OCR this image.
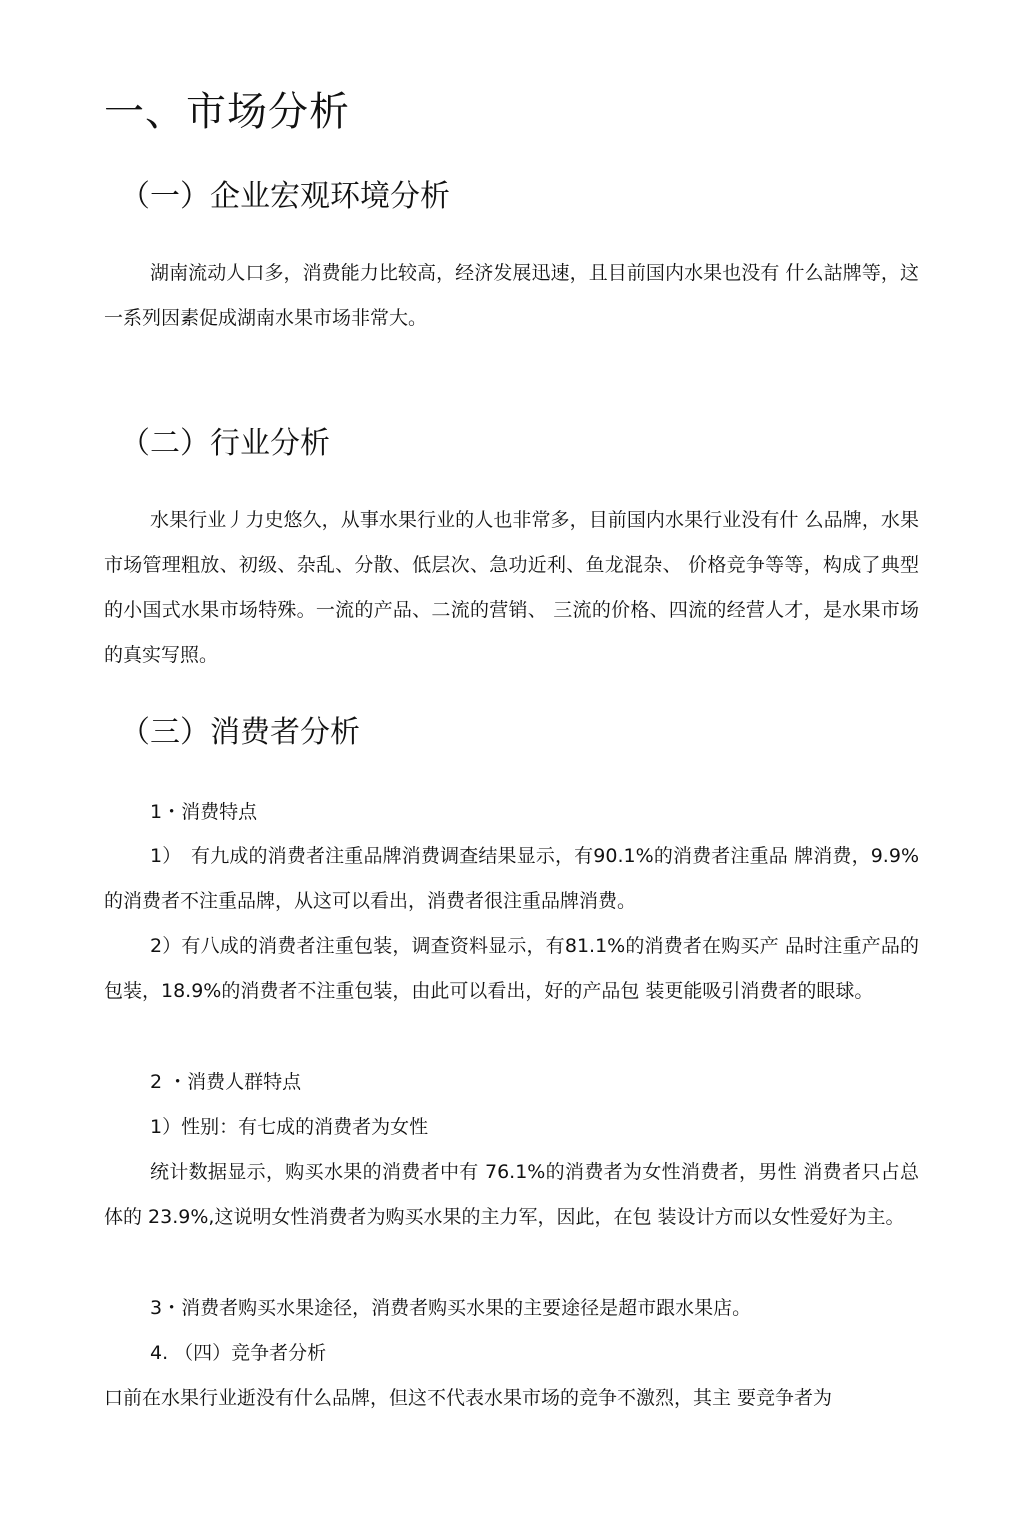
一、市场分析
（一）企业宏观环境分析

湖南流动人口多，消费能力比较高，经济发展迅速，且目前国内水果也没有 什么詁牌等，这一系列因素促成湖南水果市场非常大。

（二）行业分析

水果行业丿力史悠久，从事水果行业的人也非常多，目前国内水果行业没有什 么品牌，水果市场管理粗放、初级、杂乱、分散、低层次、急功近利、鱼龙混杂、 价格竞争等等，构成了典型的小国式水果市场特殊。一流的产品、二流的营销、 三流的价格、四流的经营人才，是水果市场的真实写照。

（三）消费者分析

1・消费特点

1）　有九成的消费者注重品牌消费调查结果显示，有90.1%的消费者注重品 牌消费，9.9%的消费者不注重品牌，从这可以看出，消费者很注重品牌消费。

2）有八成的消费者注重包装，调查资料显示，有81.1%的消费者在购买产 品时注重产品的包装，18.9%的消费者不注重包装，由此可以看出，好的产品包 装更能吸引消费者的眼球。

2 ・消费人群特点

1）性别：有七成的消费者为女性

统计数据显示，购买水果的消费者中有 76.1%的消费者为女性消费者，男性 消费者只占总体的 23.9%,这说明女性消费者为购买水果的主力军，因此，在包 装设计方而以女性爱好为主。

3・消费者购买水果途径，消费者购买水果的主要途径是超市跟水果店。

4. （四）竞争者分析

口前在水果行业逝没有什么品牌，但这不代表水果市场的竞争不激烈，其主 要竞争者为
